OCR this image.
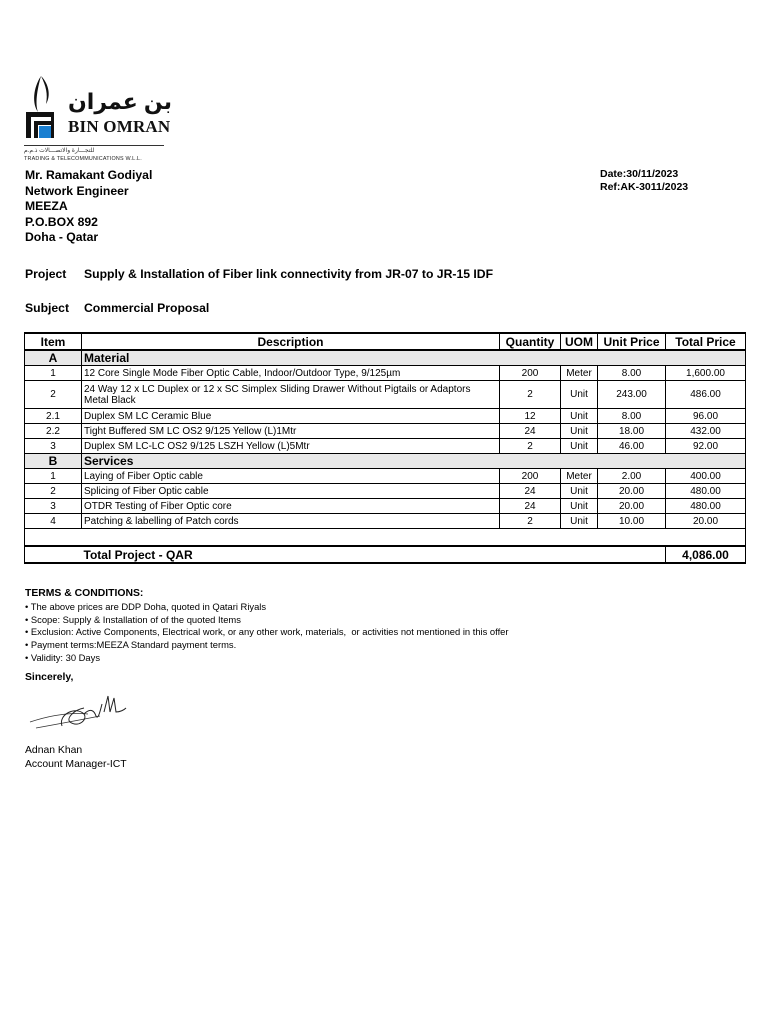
بن عمران
BIN OMRAN
للتجـــارة والاتصـــالات ذ.م.م
TRADING & TELECOMMUNICATIONS W.L.L.
Mr. Ramakant Godiyal
Network Engineer
MEEZA
P.O.BOX 892
Doha - Qatar
Date:30/11/2023
Ref:AK-3011/2023
Project Supply & Installation of Fiber link connectivity from JR-07 to JR-15 IDF
Subject Commercial Proposal
Item	Description	Quantity	UOM	Unit Price	Total Price
A	Material				
1	12 Core Single Mode Fiber Optic Cable, Indoor/Outdoor Type, 9/125µm	200	Meter	8.00	1,600.00
2	24 Way 12 x LC Duplex or 12 x SC Simplex Sliding Drawer Without Pigtails or Adaptors Metal Black	2	Unit	243.00	486.00
2.1	Duplex SM LC Ceramic Blue	12	Unit	8.00	96.00
2.2	Tight Buffered SM LC OS2 9/125 Yellow (L)1Mtr	24	Unit	18.00	432.00
3	Duplex SM LC-LC OS2 9/125 LSZH Yellow (L)5Mtr	2	Unit	46.00	92.00
B	Services				
1	Laying of Fiber Optic cable	200	Meter	2.00	400.00
2	Splicing of Fiber Optic cable	24	Unit	20.00	480.00
3	OTDR Testing of Fiber Optic core	24	Unit	20.00	480.00
4	Patching & labelling of Patch cords	2	Unit	10.00	20.00

	Total Project - QAR				4,086.00
TERMS & CONDITIONS:
• The above prices are DDP Doha, quoted in Qatari Riyals
• Scope: Supply & Installation of of the quoted Items
• Exclusion: Active Components, Electrical work, or any other work, materials,  or activities not mentioned in this offer
• Payment terms:MEEZA Standard payment terms.
• Validity: 30 Days
Sincerely,
Adnan Khan
Account Manager-ICT
